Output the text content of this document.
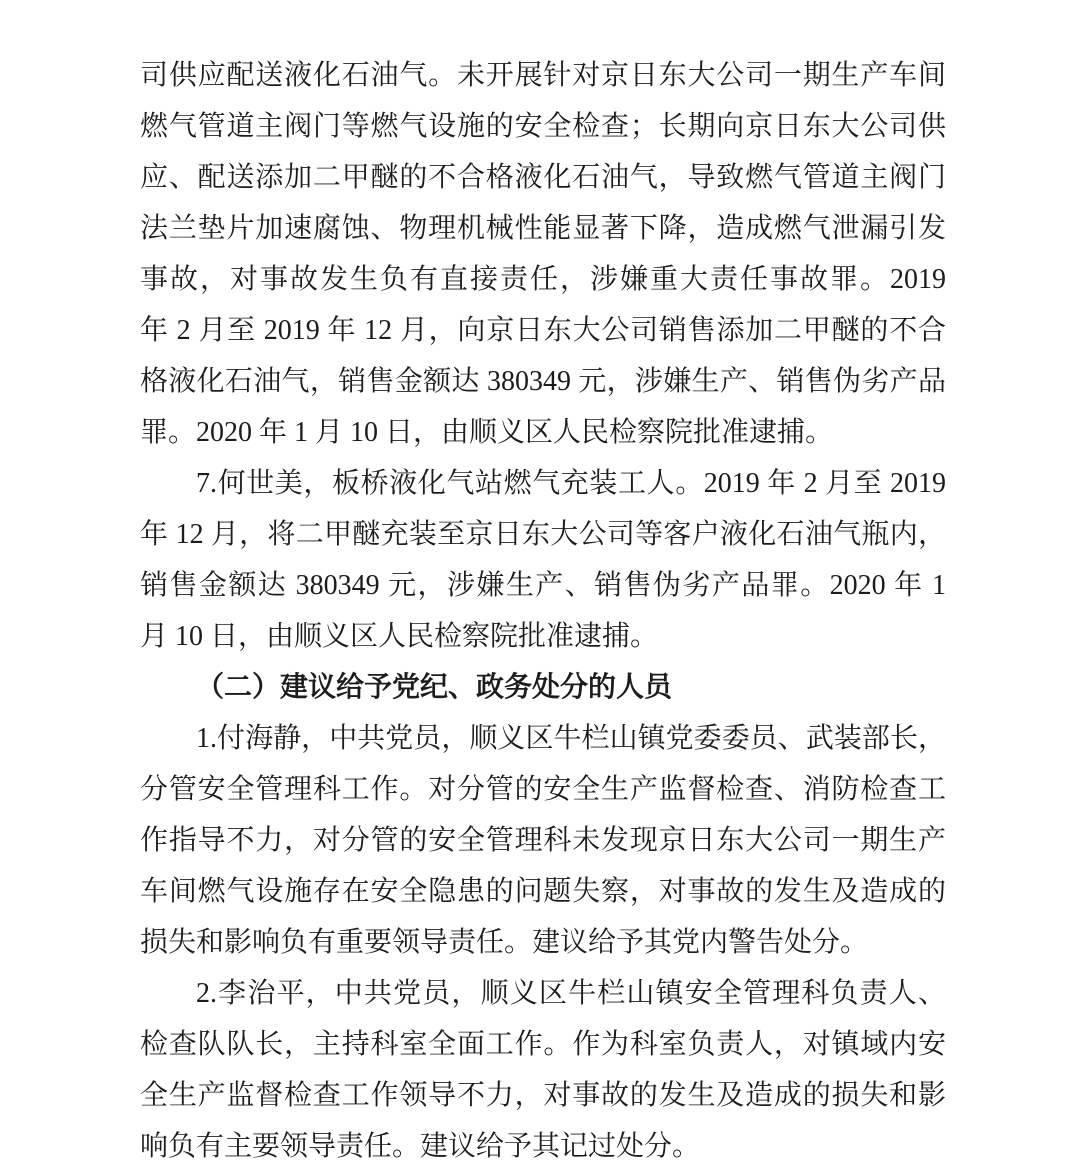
司供应配送液化石油气。未开展针对京日东大公司一期生产车间
燃气管道主阀门等燃气设施的安全检查；长期向京日东大公司供
应、配送添加二甲醚的不合格液化石油气，导致燃气管道主阀门
法兰垫片加速腐蚀、物理机械性能显著下降，造成燃气泄漏引发
事故，对事故发生负有直接责任，涉嫌重大责任事故罪。2019
年 2 月至 2019 年 12 月，向京日东大公司销售添加二甲醚的不合
格液化石油气，销售金额达 380349 元，涉嫌生产、销售伪劣产品
罪。2020 年 1 月 10 日，由顺义区人民检察院批准逮捕。
7.何世美，板桥液化气站燃气充装工人。2019 年 2 月至 2019
年 12 月，将二甲醚充装至京日东大公司等客户液化石油气瓶内，
销售金额达 380349 元，涉嫌生产、销售伪劣产品罪。2020 年 1
月 10 日，由顺义区人民检察院批准逮捕。
（二）建议给予党纪、政务处分的人员
1.付海静，中共党员，顺义区牛栏山镇党委委员、武装部长，
分管安全管理科工作。对分管的安全生产监督检查、消防检查工
作指导不力，对分管的安全管理科未发现京日东大公司一期生产
车间燃气设施存在安全隐患的问题失察，对事故的发生及造成的
损失和影响负有重要领导责任。建议给予其党内警告处分。
2.李治平，中共党员，顺义区牛栏山镇安全管理科负责人、
检查队队长，主持科室全面工作。作为科室负责人，对镇域内安
全生产监督检查工作领导不力，对事故的发生及造成的损失和影
响负有主要领导责任。建议给予其记过处分。
